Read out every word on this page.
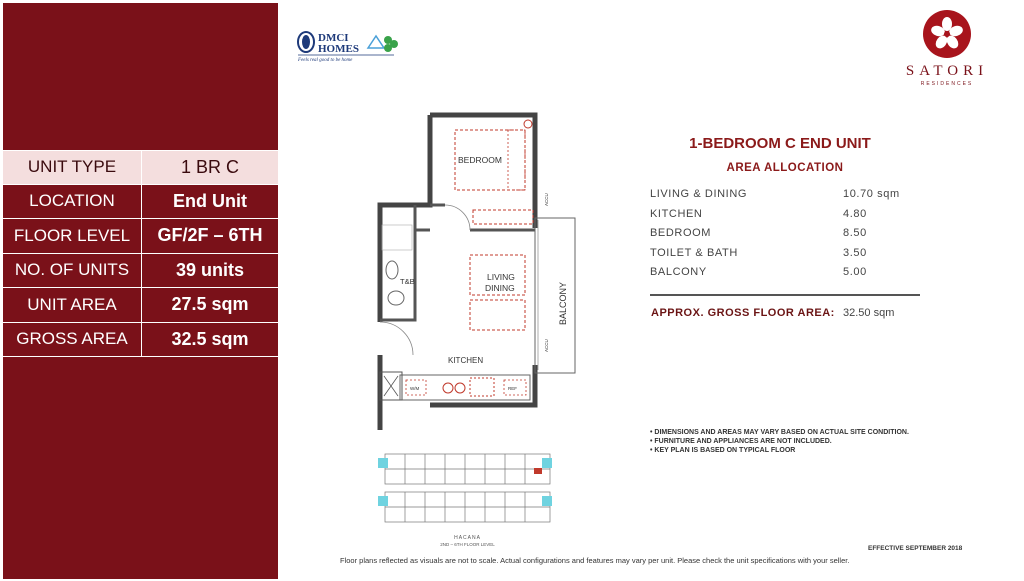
UNIT TYPE	1 BR C
LOCATION	End Unit
FLOOR LEVEL	GF/2F – 6TH
NO. OF UNITS	39 units
UNIT AREA	27.5 sqm
GROSS AREA	32.5 sqm
DMCI
HOMES
Feels real good to be home
SATORI
RESIDENCES
BEDROOM
LIVING
DINING
T&B
KITCHEN
BALCONY
W/M	REF
ACCU
ACCU
HACANA
2ND – 6TH FLOOR LEVEL
1-BEDROOM C END UNIT
AREA ALLOCATION
LIVING & DINING	10.70 sqm
KITCHEN	4.80
BEDROOM	8.50
TOILET & BATH	3.50
BALCONY	5.00
APPROX. GROSS FLOOR AREA: 32.50 sqm
• DIMENSIONS AND AREAS MAY VARY BASED ON ACTUAL SITE CONDITION.
• FURNITURE AND APPLIANCES ARE NOT INCLUDED.
• KEY PLAN IS BASED ON TYPICAL FLOOR
EFFECTIVE SEPTEMBER 2018
Floor plans reflected as visuals are not to scale. Actual configurations and features may vary per unit. Please check the unit specifications with your seller.
